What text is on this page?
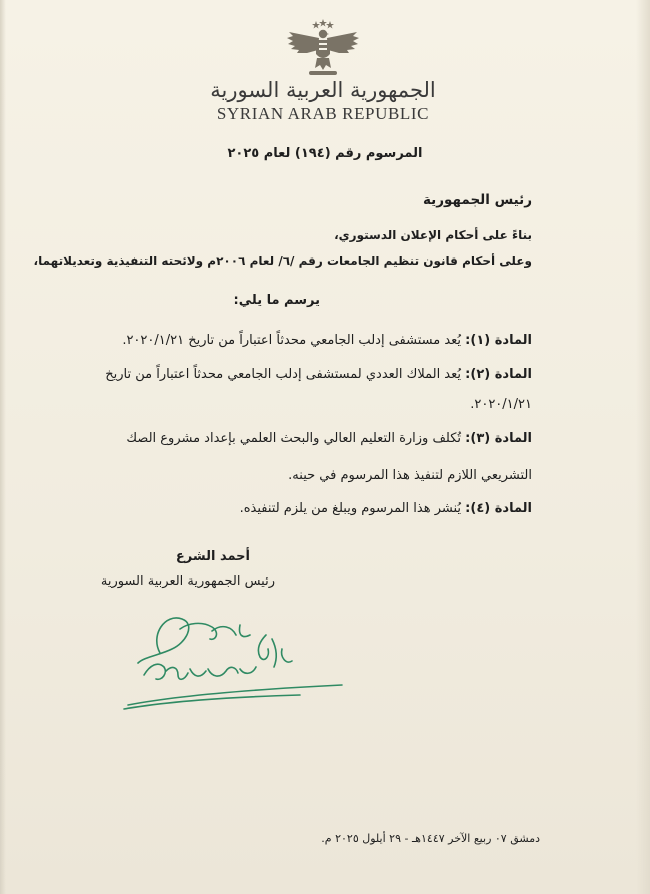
الجمهورية العربية السورية
SYRIAN ARAB REPUBLIC
المرسوم رقم (١٩٤) لعام ٢٠٢٥
رئيس الجمهورية
بناءً على أحكام الإعلان الدستوري،
وعلى أحكام قانون تنظيم الجامعات رقم /٦/ لعام ٢٠٠٦م ولائحته التنفيذية وتعديلاتهما،
يرسم ما يلي:
المادة (١): يُعد مستشفى إدلب الجامعي محدثاً اعتباراً من تاريخ ٢٠٢٠/١/٢١.
المادة (٢): يُعد الملاك العددي لمستشفى إدلب الجامعي محدثاً اعتباراً من تاريخ
٢٠٢٠/١/٢١.
المادة (٣): تُكلف وزارة التعليم العالي والبحث العلمي بإعداد مشروع الصك
التشريعي اللازم لتنفيذ هذا المرسوم في حينه.
المادة (٤): يُنشر هذا المرسوم ويبلغ من يلزم لتنفيذه.
أحمد الشرع
رئيس الجمهورية العربية السورية
دمشق ٠٧ ربيع الآخر ١٤٤٧هـ - ٢٩ أيلول ٢٠٢٥ م.
